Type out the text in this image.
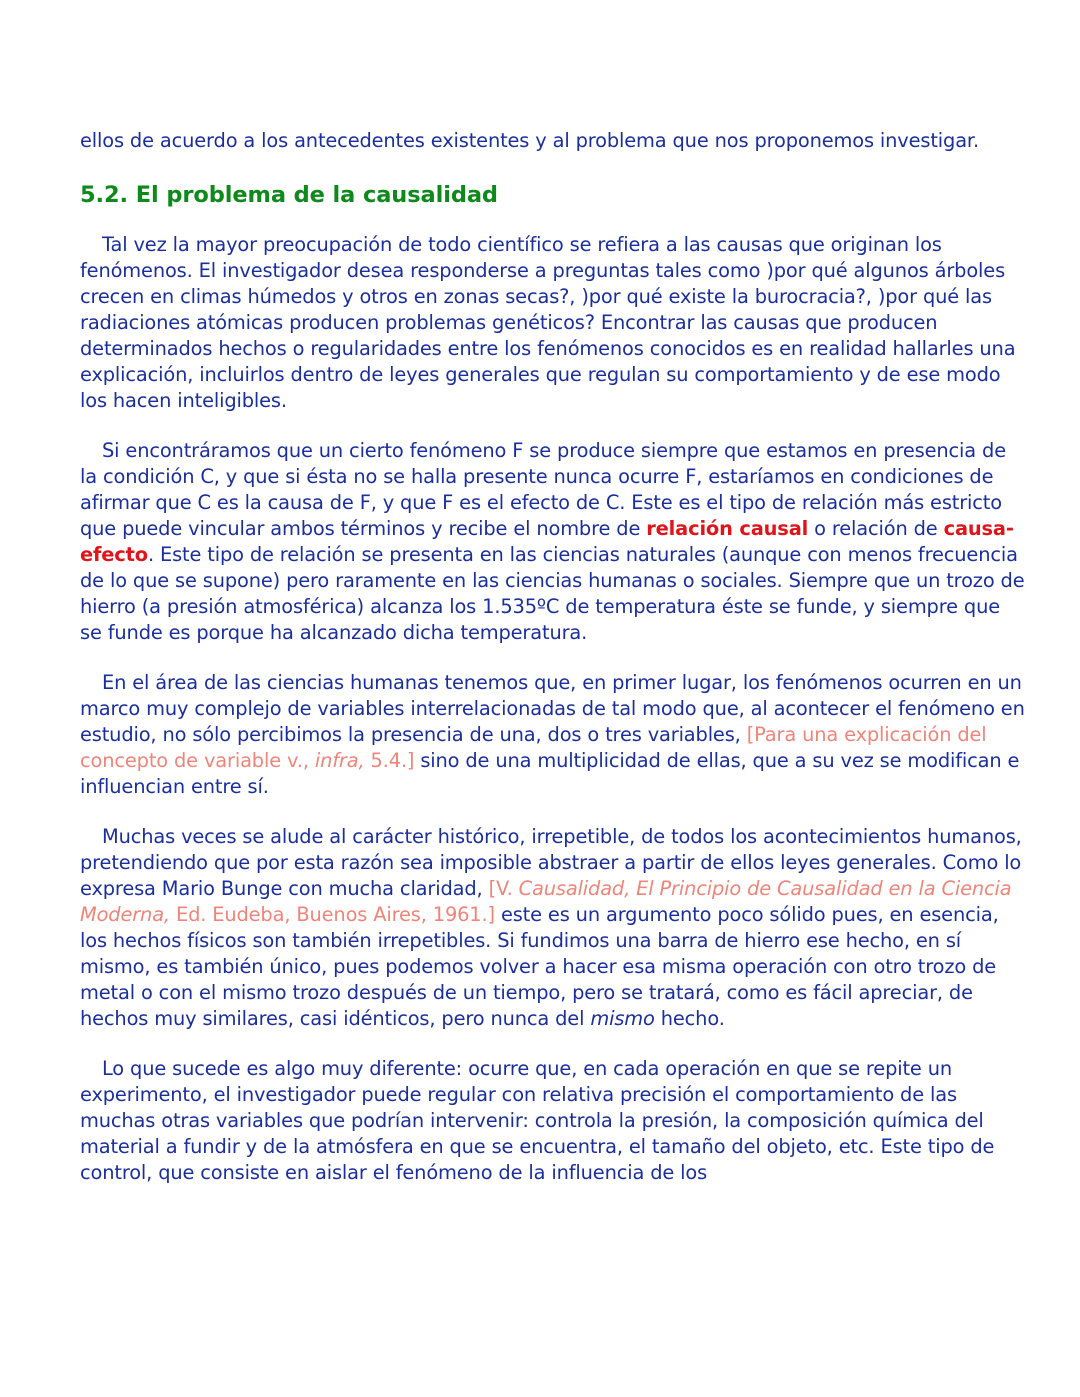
ellos de acuerdo a los antecedentes existentes y al problema que nos proponemos investigar.

5.2. El problema de la causalidad

Tal vez la mayor preocupación de todo científico se refiera a las causas que originan los fenómenos. El investigador desea responderse a preguntas tales como )por qué algunos árboles crecen en climas húmedos y otros en zonas secas?, )por qué existe la burocracia?, )por qué las radiaciones atómicas producen problemas genéticos? Encontrar las causas que producen determinados hechos o regularidades entre los fenómenos conocidos es en realidad hallarles una explicación, incluirlos dentro de leyes generales que regulan su comportamiento y de ese modo los hacen inteligibles.

Si encontráramos que un cierto fenómeno F se produce siempre que estamos en presencia de la condición C, y que si ésta no se halla presente nunca ocurre F, estaríamos en condiciones de afirmar que C es la causa de F, y que F es el efecto de C. Este es el tipo de relación más estricto que puede vincular ambos términos y recibe el nombre de relación causal o relación de causa-efecto. Este tipo de relación se presenta en las ciencias naturales (aunque con menos frecuencia de lo que se supone) pero raramente en las ciencias humanas o sociales. Siempre que un trozo de hierro (a presión atmosférica) alcanza los 1.535ºC de temperatura éste se funde, y siempre que se funde es porque ha alcanzado dicha temperatura.

En el área de las ciencias humanas tenemos que, en primer lugar, los fenómenos ocurren en un marco muy complejo de variables interrelacionadas de tal modo que, al acontecer el fenómeno en estudio, no sólo percibimos la presencia de una, dos o tres variables, [Para una explicación del concepto de variable v., infra, 5.4.] sino de una multiplicidad de ellas, que a su vez se modifican e influencian entre sí.

Muchas veces se alude al carácter histórico, irrepetible, de todos los acontecimientos humanos, pretendiendo que por esta razón sea imposible abstraer a partir de ellos leyes generales. Como lo expresa Mario Bunge con mucha claridad, [V. Causalidad, El Principio de Causalidad en la Ciencia Moderna, Ed. Eudeba, Buenos Aires, 1961.] este es un argumento poco sólido pues, en esencia, los hechos físicos son también irrepetibles. Si fundimos una barra de hierro ese hecho, en sí mismo, es también único, pues podemos volver a hacer esa misma operación con otro trozo de metal o con el mismo trozo después de un tiempo, pero se tratará, como es fácil apreciar, de hechos muy similares, casi idénticos, pero nunca del mismo hecho.

Lo que sucede es algo muy diferente: ocurre que, en cada operación en que se repite un experimento, el investigador puede regular con relativa precisión el comportamiento de las muchas otras variables que podrían intervenir: controla la presión, la composición química del material a fundir y de la atmósfera en que se encuentra, el tamaño del objeto, etc. Este tipo de control, que consiste en aislar el fenómeno de la influencia de los
